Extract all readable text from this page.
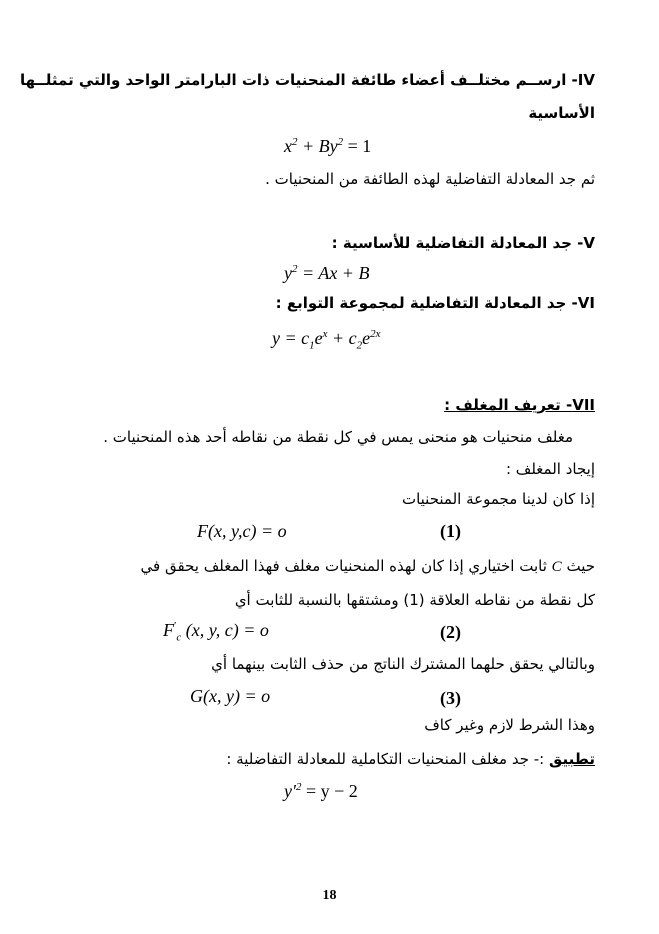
IV- ارســم مختلــف أعضاء طائفة المنحنيات ذات البارامتر الواحد والتي تمثلــها
الأساسية
$x^2 + By^2 = 1$
ثم جد المعادلة التفاضلية لهذه الطائفة من المنحنيات .
V- جد المعادلة التفاضلية للأساسية :
$y^2 = Ax + B$
VI- جد المعادلة التفاضلية لمجموعة التوابع :
$y = c_1e^x + c_2e^{2x}$
VII- تعريف المغلف :
مغلف منحنيات هو منحنى يمس في كل نقطة من نقاطه أحد هذه المنحنيات .
إيجاد المغلف :
إذا كان لدينا مجموعة المنحنيات
F(x, y,c) = o	(1)
حيث C ثابت اختياري إذا كان لهذه المنحنيات مغلف فهذا المغلف يحقق في
كل نقطة من نقاطه العلاقة (1) ومشتقها بالنسبة للثابت أي
$F'_c$ (x, y, c) = o	(2)
وبالتالي يحقق حلهما المشترك الناتج من حذف الثابت بينهما أي
G(x, y) = o	(3)
وهذا الشرط لازم وغير كاف
تطبيق :- جد مغلف المنحنيات التكاملية للمعادلة التفاضلية :
$y'^2 = y - 2$
18
